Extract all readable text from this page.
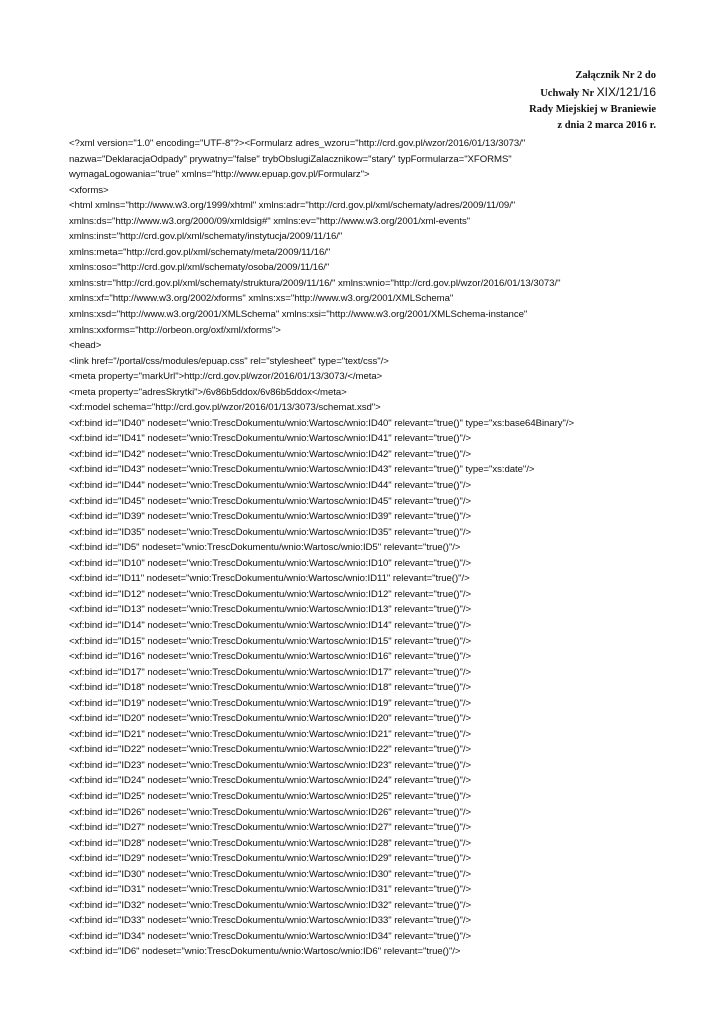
Załącznik Nr 2 do
Uchwały Nr XIX/121/16
Rady Miejskiej w Braniewie
z dnia 2 marca 2016 r.
<?xml version="1.0" encoding="UTF-8"?><Formularz adres_wzoru="http://crd.gov.pl/wzor/2016/01/13/3073/"
nazwa="DeklaracjaOdpady" prywatny="false" trybObslugiZalacznikow="stary" typFormularza="XFORMS"
wymagaLogowania="true" xmlns="http://www.epuap.gov.pl/Formularz">
<xforms>
<html xmlns="http://www.w3.org/1999/xhtml" xmlns:adr="http://crd.gov.pl/xml/schematy/adres/2009/11/09/"
xmlns:ds="http://www.w3.org/2000/09/xmldsig#" xmlns:ev="http://www.w3.org/2001/xml-events"
xmlns:inst="http://crd.gov.pl/xml/schematy/instytucja/2009/11/16/"
xmlns:meta="http://crd.gov.pl/xml/schematy/meta/2009/11/16/"
xmlns:oso="http://crd.gov.pl/xml/schematy/osoba/2009/11/16/"
xmlns:str="http://crd.gov.pl/xml/schematy/struktura/2009/11/16/" xmlns:wnio="http://crd.gov.pl/wzor/2016/01/13/3073/"
xmlns:xf="http://www.w3.org/2002/xforms" xmlns:xs="http://www.w3.org/2001/XMLSchema"
xmlns:xsd="http://www.w3.org/2001/XMLSchema" xmlns:xsi="http://www.w3.org/2001/XMLSchema-instance"
xmlns:xxforms="http://orbeon.org/oxf/xml/xforms">
<head>
<link href="/portal/css/modules/epuap.css" rel="stylesheet" type="text/css"/>
<meta property="markUrl">http://crd.gov.pl/wzor/2016/01/13/3073/</meta>
<meta property="adresSkrytki">/6v86b5ddox/6v86b5ddox</meta>
<xf:model schema="http://crd.gov.pl/wzor/2016/01/13/3073/schemat.xsd">
<xf:bind id="ID40" nodeset="wnio:TrescDokumentu/wnio:Wartosc/wnio:ID40" relevant="true()" type="xs:base64Binary"/>
<xf:bind id="ID41" nodeset="wnio:TrescDokumentu/wnio:Wartosc/wnio:ID41" relevant="true()"/>
<xf:bind id="ID42" nodeset="wnio:TrescDokumentu/wnio:Wartosc/wnio:ID42" relevant="true()"/>
<xf:bind id="ID43" nodeset="wnio:TrescDokumentu/wnio:Wartosc/wnio:ID43" relevant="true()" type="xs:date"/>
<xf:bind id="ID44" nodeset="wnio:TrescDokumentu/wnio:Wartosc/wnio:ID44" relevant="true()"/>
<xf:bind id="ID45" nodeset="wnio:TrescDokumentu/wnio:Wartosc/wnio:ID45" relevant="true()"/>
<xf:bind id="ID39" nodeset="wnio:TrescDokumentu/wnio:Wartosc/wnio:ID39" relevant="true()"/>
<xf:bind id="ID35" nodeset="wnio:TrescDokumentu/wnio:Wartosc/wnio:ID35" relevant="true()"/>
<xf:bind id="ID5" nodeset="wnio:TrescDokumentu/wnio:Wartosc/wnio:ID5" relevant="true()"/>
<xf:bind id="ID10" nodeset="wnio:TrescDokumentu/wnio:Wartosc/wnio:ID10" relevant="true()"/>
<xf:bind id="ID11" nodeset="wnio:TrescDokumentu/wnio:Wartosc/wnio:ID11" relevant="true()"/>
<xf:bind id="ID12" nodeset="wnio:TrescDokumentu/wnio:Wartosc/wnio:ID12" relevant="true()"/>
<xf:bind id="ID13" nodeset="wnio:TrescDokumentu/wnio:Wartosc/wnio:ID13" relevant="true()"/>
<xf:bind id="ID14" nodeset="wnio:TrescDokumentu/wnio:Wartosc/wnio:ID14" relevant="true()"/>
<xf:bind id="ID15" nodeset="wnio:TrescDokumentu/wnio:Wartosc/wnio:ID15" relevant="true()"/>
<xf:bind id="ID16" nodeset="wnio:TrescDokumentu/wnio:Wartosc/wnio:ID16" relevant="true()"/>
<xf:bind id="ID17" nodeset="wnio:TrescDokumentu/wnio:Wartosc/wnio:ID17" relevant="true()"/>
<xf:bind id="ID18" nodeset="wnio:TrescDokumentu/wnio:Wartosc/wnio:ID18" relevant="true()"/>
<xf:bind id="ID19" nodeset="wnio:TrescDokumentu/wnio:Wartosc/wnio:ID19" relevant="true()"/>
<xf:bind id="ID20" nodeset="wnio:TrescDokumentu/wnio:Wartosc/wnio:ID20" relevant="true()"/>
<xf:bind id="ID21" nodeset="wnio:TrescDokumentu/wnio:Wartosc/wnio:ID21" relevant="true()"/>
<xf:bind id="ID22" nodeset="wnio:TrescDokumentu/wnio:Wartosc/wnio:ID22" relevant="true()"/>
<xf:bind id="ID23" nodeset="wnio:TrescDokumentu/wnio:Wartosc/wnio:ID23" relevant="true()"/>
<xf:bind id="ID24" nodeset="wnio:TrescDokumentu/wnio:Wartosc/wnio:ID24" relevant="true()"/>
<xf:bind id="ID25" nodeset="wnio:TrescDokumentu/wnio:Wartosc/wnio:ID25" relevant="true()"/>
<xf:bind id="ID26" nodeset="wnio:TrescDokumentu/wnio:Wartosc/wnio:ID26" relevant="true()"/>
<xf:bind id="ID27" nodeset="wnio:TrescDokumentu/wnio:Wartosc/wnio:ID27" relevant="true()"/>
<xf:bind id="ID28" nodeset="wnio:TrescDokumentu/wnio:Wartosc/wnio:ID28" relevant="true()"/>
<xf:bind id="ID29" nodeset="wnio:TrescDokumentu/wnio:Wartosc/wnio:ID29" relevant="true()"/>
<xf:bind id="ID30" nodeset="wnio:TrescDokumentu/wnio:Wartosc/wnio:ID30" relevant="true()"/>
<xf:bind id="ID31" nodeset="wnio:TrescDokumentu/wnio:Wartosc/wnio:ID31" relevant="true()"/>
<xf:bind id="ID32" nodeset="wnio:TrescDokumentu/wnio:Wartosc/wnio:ID32" relevant="true()"/>
<xf:bind id="ID33" nodeset="wnio:TrescDokumentu/wnio:Wartosc/wnio:ID33" relevant="true()"/>
<xf:bind id="ID34" nodeset="wnio:TrescDokumentu/wnio:Wartosc/wnio:ID34" relevant="true()"/>
<xf:bind id="ID6" nodeset="wnio:TrescDokumentu/wnio:Wartosc/wnio:ID6" relevant="true()"/>
